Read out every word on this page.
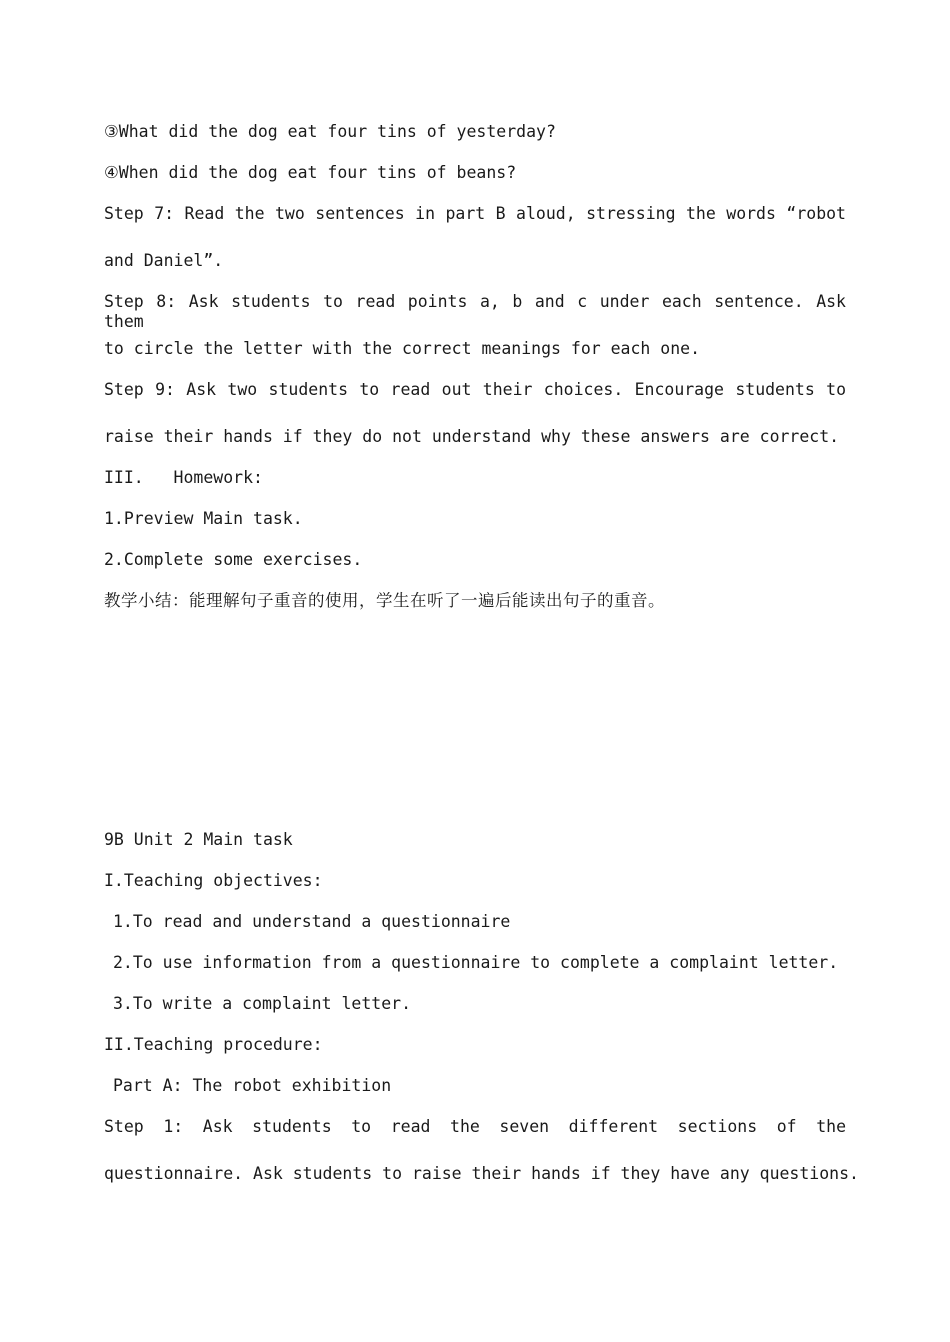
③What did the dog eat four tins of yesterday?
④When did the dog eat four tins of beans?
Step 7: Read the two sentences in part B aloud, stressing the words “robot
and Daniel”.
Step 8: Ask students to read points a, b and c under each sentence. Ask them
to circle the letter with the correct meanings for each one.
Step 9: Ask two students to read out their choices. Encourage students to
raise their hands if they do not understand why these answers are correct.
III.   Homework:
1.Preview Main task.
2.Complete some exercises.
教学小结：能理解句子重音的使用，学生在听了一遍后能读出句子的重音。
9B Unit 2 Main task
I.Teaching objectives:
1.To read and understand a questionnaire
2.To use information from a questionnaire to complete a complaint letter.
3.To write a complaint letter.
II.Teaching procedure:
Part A: The robot exhibition
Step 1: Ask students to read the seven different sections of the
questionnaire. Ask students to raise their hands if they have any questions.
